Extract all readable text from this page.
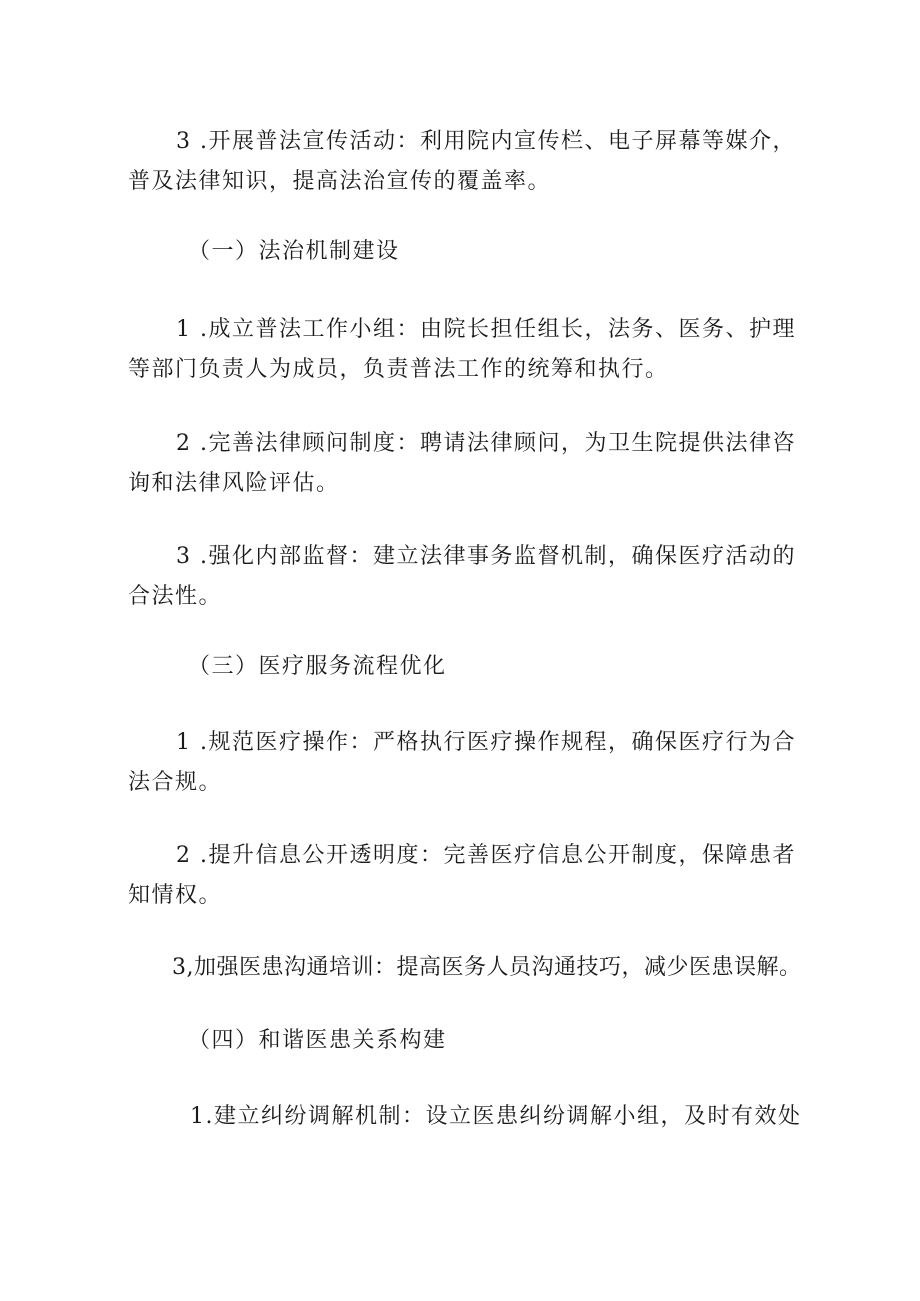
3 .开展普法宣传活动：利用院内宣传栏、电子屏幕等媒介，
普及法律知识，提高法治宣传的覆盖率。
（一）法治机制建设
1 .成立普法工作小组：由院长担任组长，法务、医务、护理
等部门负责人为成员，负责普法工作的统筹和执行。
2 .完善法律顾问制度：聘请法律顾问，为卫生院提供法律咨
询和法律风险评估。
3 .强化内部监督：建立法律事务监督机制，确保医疗活动的
合法性。
（三）医疗服务流程优化
1 .规范医疗操作：严格执行医疗操作规程，确保医疗行为合
法合规。
2 .提升信息公开透明度：完善医疗信息公开制度，保障患者
知情权。
3,加强医患沟通培训：提高医务人员沟通技巧，减少医患误解。
（四）和谐医患关系构建
1.建立纠纷调解机制：设立医患纠纷调解小组，及时有效处
